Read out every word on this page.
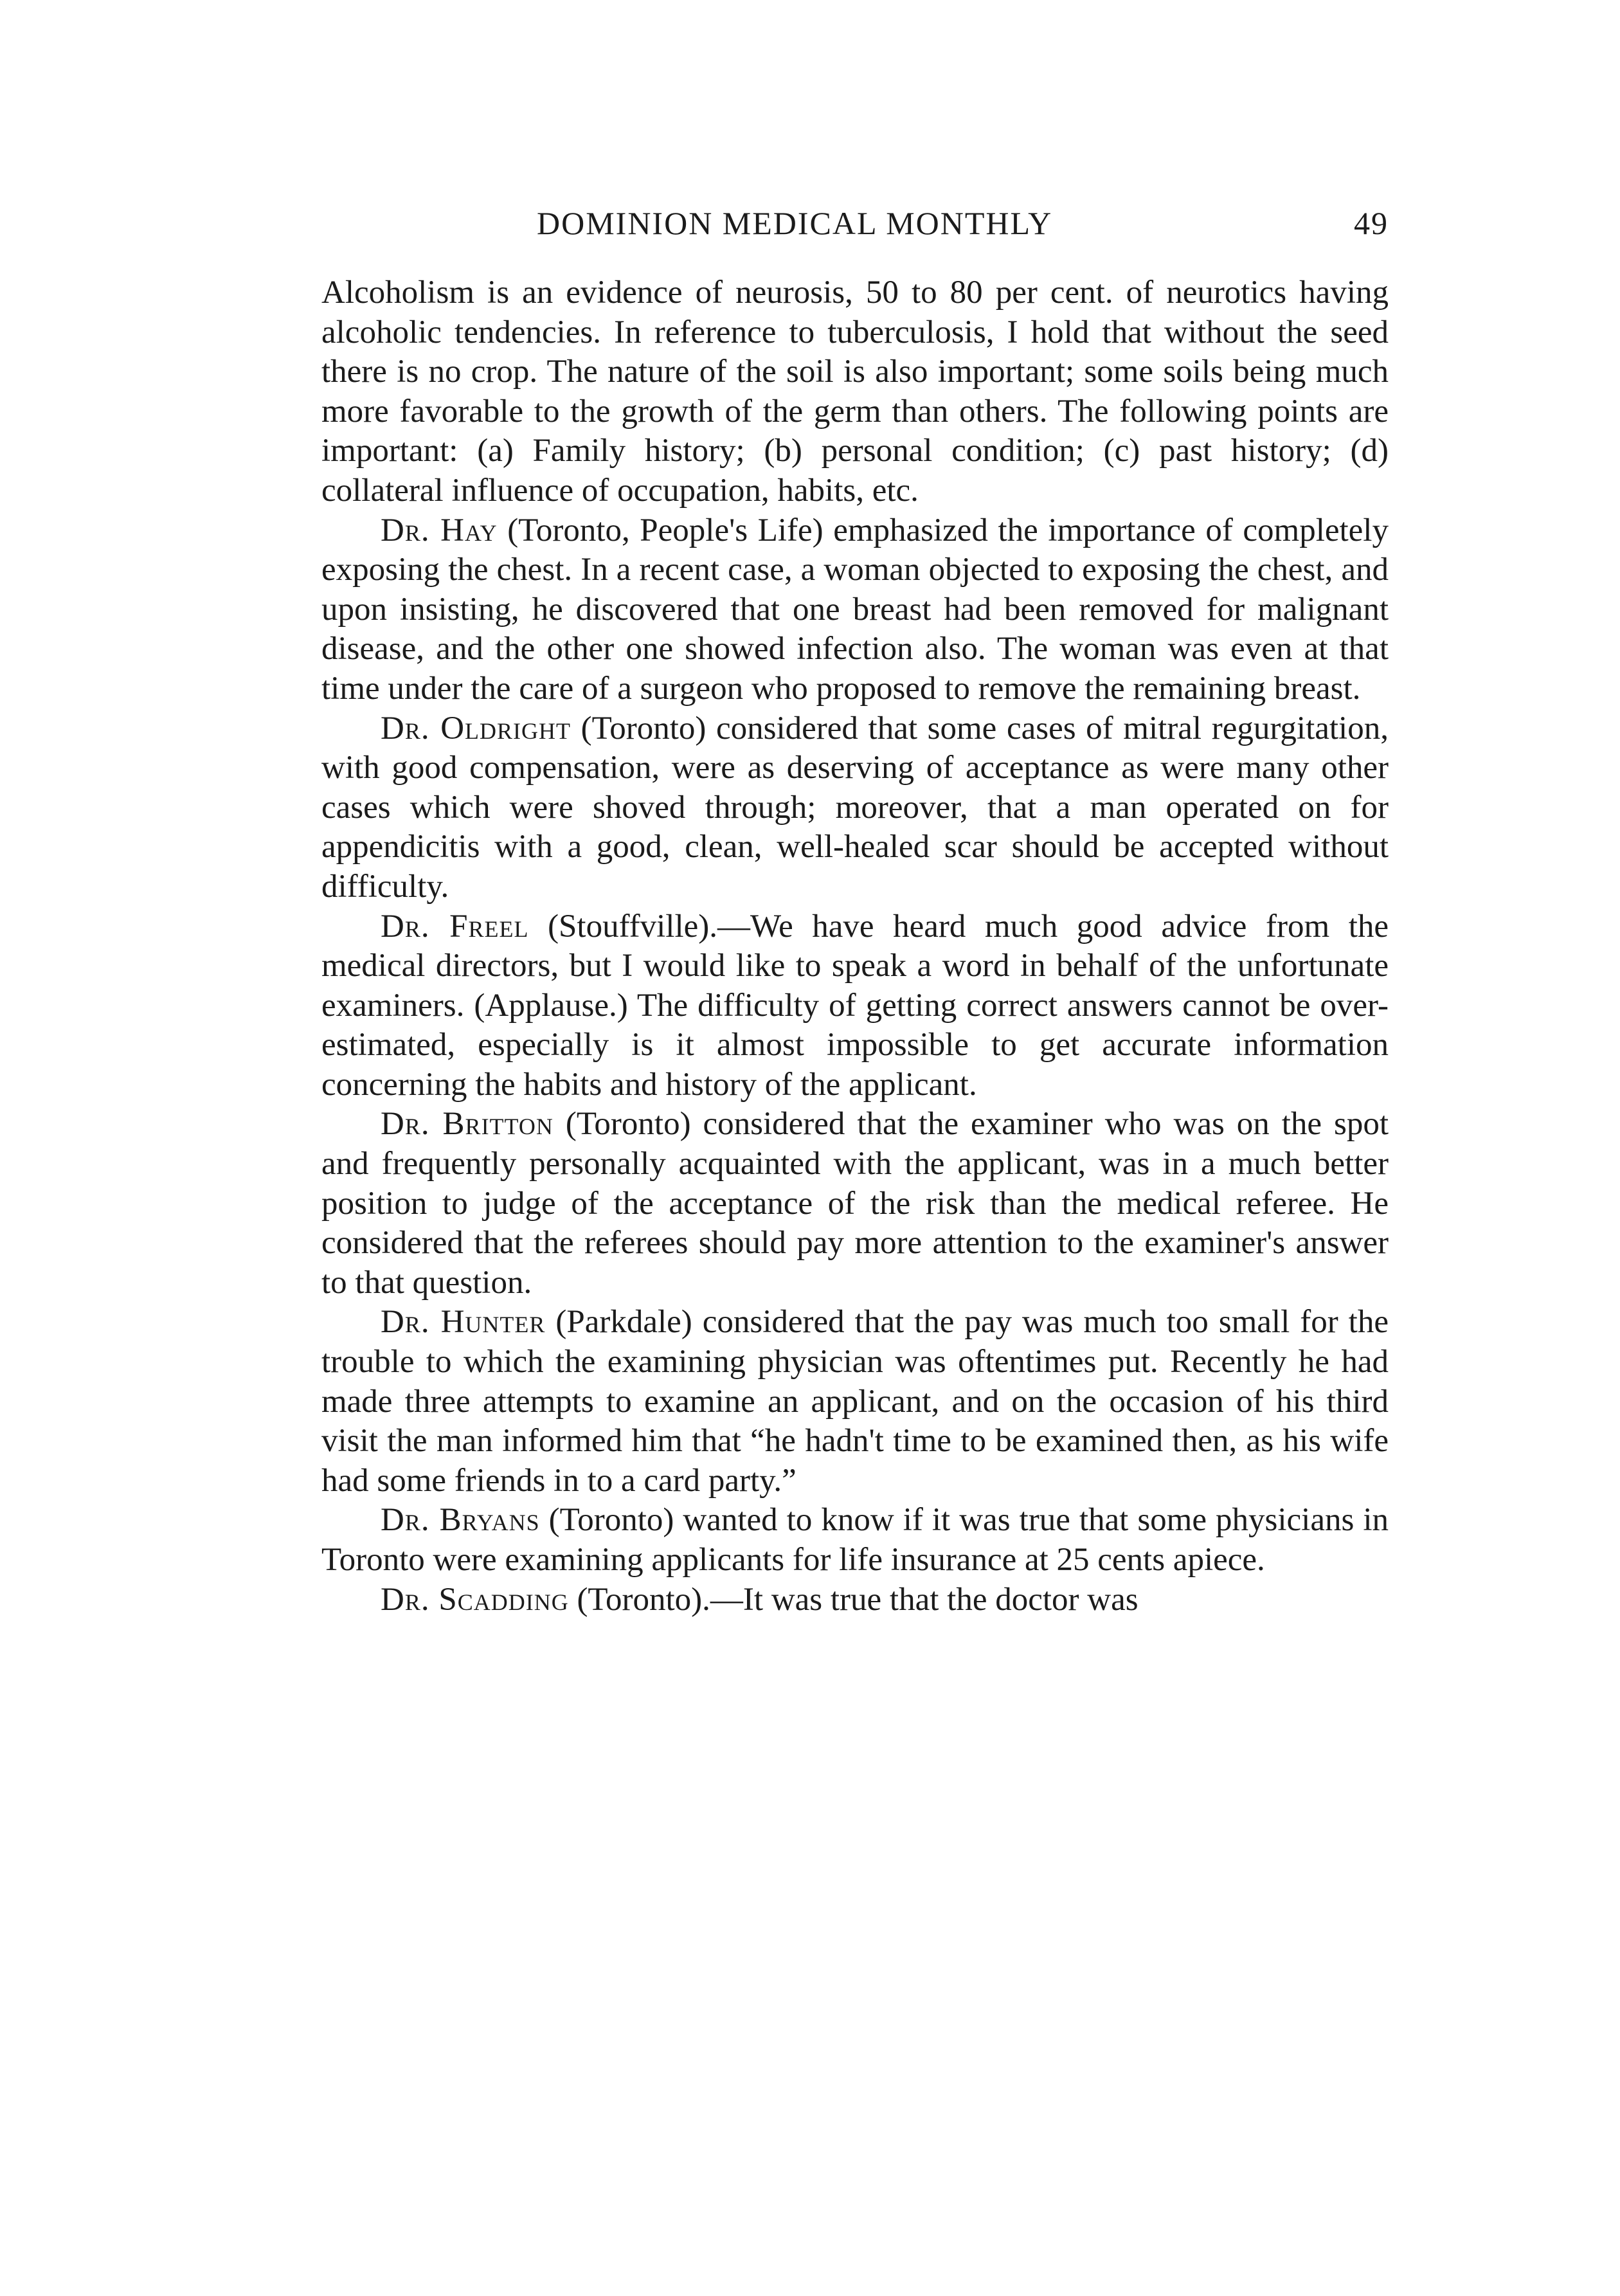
DOMINION MEDICAL MONTHLY	49

Alcoholism is an evidence of neurosis, 50 to 80 per cent. of neurotics having alcoholic tendencies. In reference to tuberculosis, I hold that without the seed there is no crop. The nature of the soil is also important; some soils being much more favorable to the growth of the germ than others. The following points are important: (a) Family history; (b) personal condition; (c) past history; (d) collateral influence of occupation, habits, etc.

Dr. Hay (Toronto, People's Life) emphasized the importance of completely exposing the chest. In a recent case, a woman objected to exposing the chest, and upon insisting, he discovered that one breast had been removed for malignant disease, and the other one showed infection also. The woman was even at that time under the care of a surgeon who proposed to remove the remaining breast.

Dr. Oldright (Toronto) considered that some cases of mitral regurgitation, with good compensation, were as deserving of acceptance as were many other cases which were shoved through; moreover, that a man operated on for appendicitis with a good, clean, well-healed scar should be accepted without difficulty.

Dr. Freel (Stouffville).—We have heard much good advice from the medical directors, but I would like to speak a word in behalf of the unfortunate examiners. (Applause.) The difficulty of getting correct answers cannot be over-estimated, especially is it almost impossible to get accurate information concerning the habits and history of the applicant.

Dr. Britton (Toronto) considered that the examiner who was on the spot and frequently personally acquainted with the applicant, was in a much better position to judge of the acceptance of the risk than the medical referee. He considered that the referees should pay more attention to the examiner's answer to that question.

Dr. Hunter (Parkdale) considered that the pay was much too small for the trouble to which the examining physician was oftentimes put. Recently he had made three attempts to examine an applicant, and on the occasion of his third visit the man informed him that “he hadn't time to be examined then, as his wife had some friends in to a card party.”

Dr. Bryans (Toronto) wanted to know if it was true that some physicians in Toronto were examining applicants for life insurance at 25 cents apiece.

Dr. Scadding (Toronto).—It was true that the doctor was
